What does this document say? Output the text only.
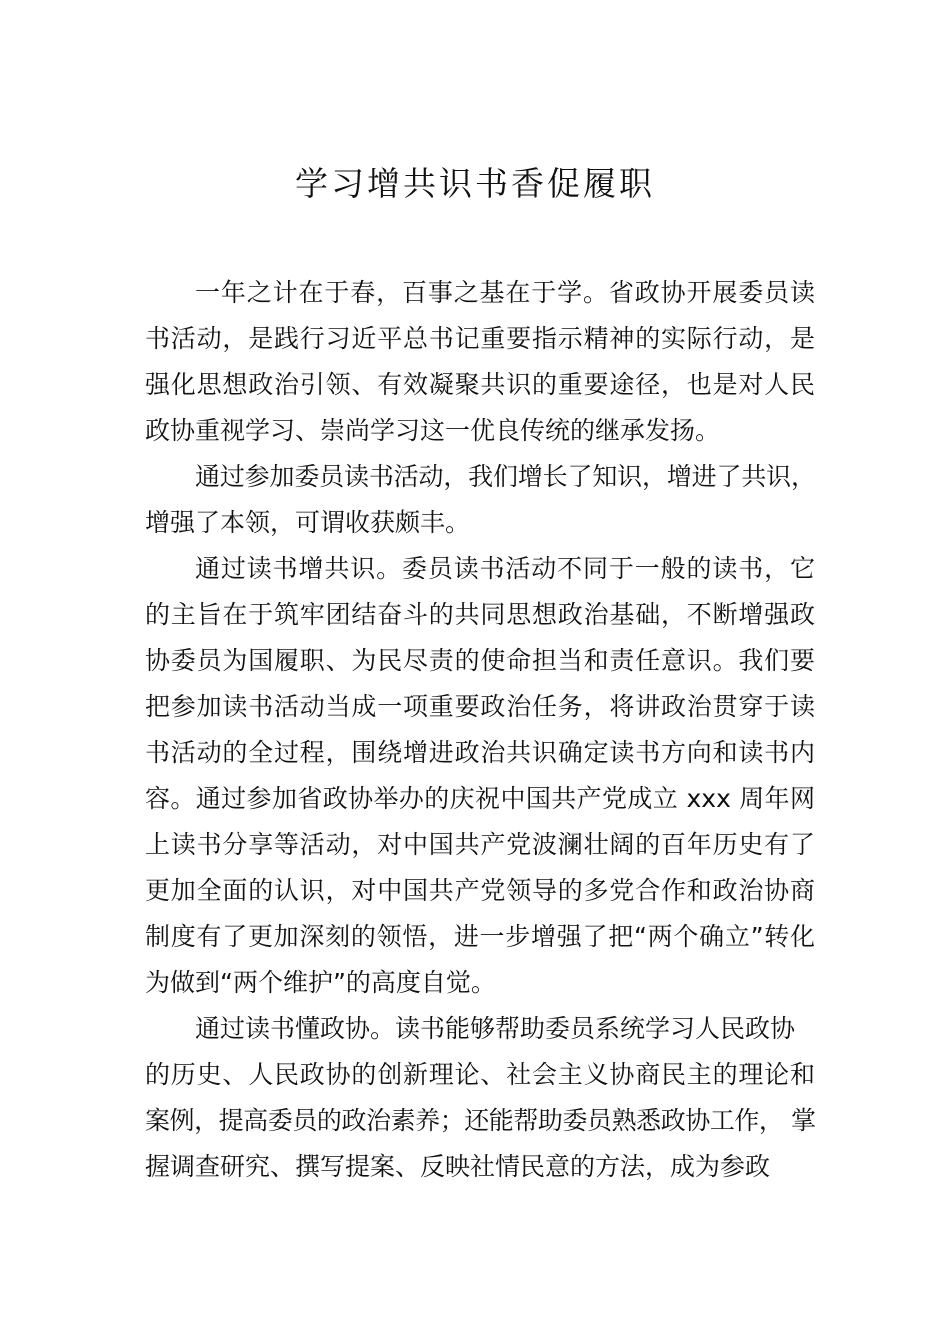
学习增共识书香促履职
一年之计在于春，百事之基在于学。省政协开展委员读
书活动，是践行习近平总书记重要指示精神的实际行动，是
强化思想政治引领、有效凝聚共识的重要途径，也是对人民
政协重视学习、崇尚学习这一优良传统的继承发扬。
通过参加委员读书活动，我们增长了知识，增进了共识，
增强了本领，可谓收获颇丰。
通过读书增共识。委员读书活动不同于一般的读书，它
的主旨在于筑牢团结奋斗的共同思想政治基础，不断增强政
协委员为国履职、为民尽责的使命担当和责任意识。我们要
把参加读书活动当成一项重要政治任务，将讲政治贯穿于读
书活动的全过程，围绕增进政治共识确定读书方向和读书内
容。通过参加省政协举办的庆祝中国共产党成立 xxx 周年网
上读书分享等活动，对中国共产党波澜壮阔的百年历史有了
更加全面的认识，对中国共产党领导的多党合作和政治协商
制度有了更加深刻的领悟，进一步增强了把“两个确立”转化
为做到“两个维护”的高度自觉。
通过读书懂政协。读书能够帮助委员系统学习人民政协
的历史、人民政协的创新理论、社会主义协商民主的理论和
案例，提高委员的政治素养；还能帮助委员熟悉政协工作， 掌
握调查研究、撰写提案、反映社情民意的方法，成为参政
